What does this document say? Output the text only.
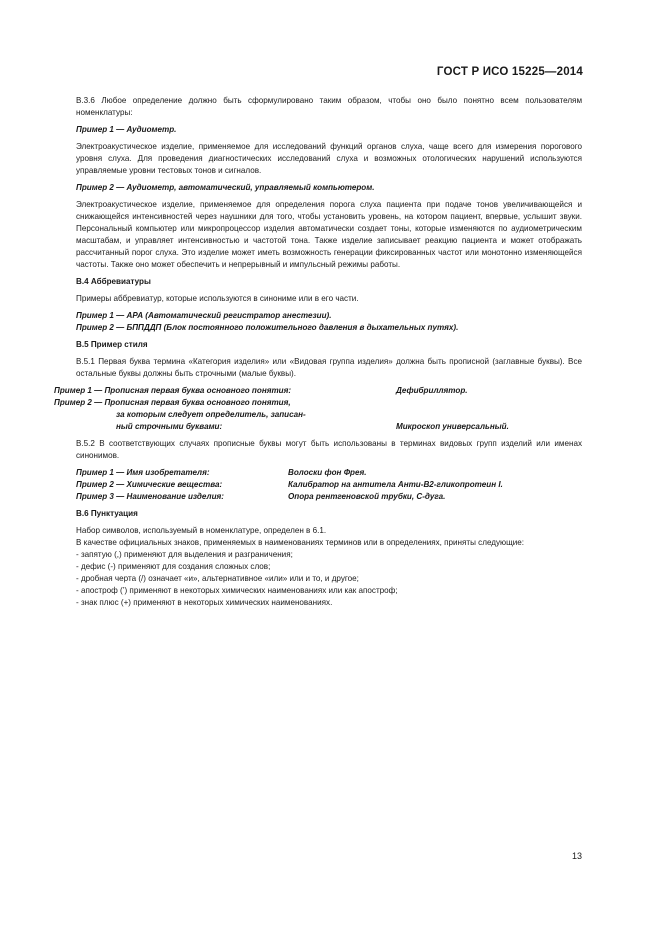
ГОСТ Р ИСО 15225—2014

В.3.6 Любое определение должно быть сформулировано таким образом, чтобы оно было понятно всем пользователям номенклатуры:

Пример 1 — Аудиометр.

Электроакустическое изделие, применяемое для исследований функций органов слуха, чаще всего для измерения порогового уровня слуха. Для проведения диагностических исследований слуха и возможных отологических нарушений используются управляемые уровни тестовых тонов и сигналов.

Пример 2 — Аудиометр, автоматический, управляемый компьютером.

Электроакустическое изделие, применяемое для определения порога слуха пациента при подаче тонов увеличивающейся и снижающейся интенсивностей через наушники для того, чтобы установить уровень, на котором пациент, впервые, услышит звуки. Персональный компьютер или микропроцессор изделия автоматически создает тоны, которые изменяются по аудиометрическим масштабам, и управляет интенсивностью и частотой тона. Также изделие записывает реакцию пациента и может отображать рассчитанный порог слуха. Это изделие может иметь возможность генерации фиксированных частот или монотонно изменяющейся частоты. Также оно может обеспечить и непрерывный и импульсный режимы работы.

В.4 Аббревиатуры

Примеры аббревиатур, которые используются в синониме или в его части.

Пример 1 — АРА (Автоматический регистратор анестезии).

Пример 2 — БППДДП (Блок постоянного положительного давления в дыхательных путях).

В.5 Пример стиля

В.5.1 Первая буква термина «Категория изделия» или «Видовая группа изделия» должна быть прописной (заглавные буквы). Все остальные буквы должны быть строчными (малые буквы).

Пример 1 — Прописная первая буква основного понятия:	Дефибриллятор.

Пример 2 — Прописная первая буква основного понятия,
за которым следует определитель, записан-
ный строчными буквами:	Микроскоп универсальный.

В.5.2 В соответствующих случаях прописные буквы могут быть использованы в терминах видовых групп изделий или именах синонимов.

Пример 1 — Имя изобретателя:	Волоски фон Фрея.
Пример 2 — Химические вещества:	Калибратор на антитела Анти-В2-гликопротеин I.
Пример 3 — Наименование изделия:	Опора рентгеновской трубки, С-дуга.

В.6 Пунктуация

Набор символов, используемый в номенклатуре, определен в 6.1.

В качестве официальных знаков, применяемых в наименованиях терминов или в определениях, приняты следующие:

- запятую (,) применяют для выделения и разграничения;

- дефис (-) применяют для создания сложных слов;

- дробная черта (/) означает «и», альтернативное «или» или и то, и другое;

- апостроф (’) применяют в некоторых химических наименованиях или как апостроф;

- знак плюс (+) применяют в некоторых химических наименованиях.

13
